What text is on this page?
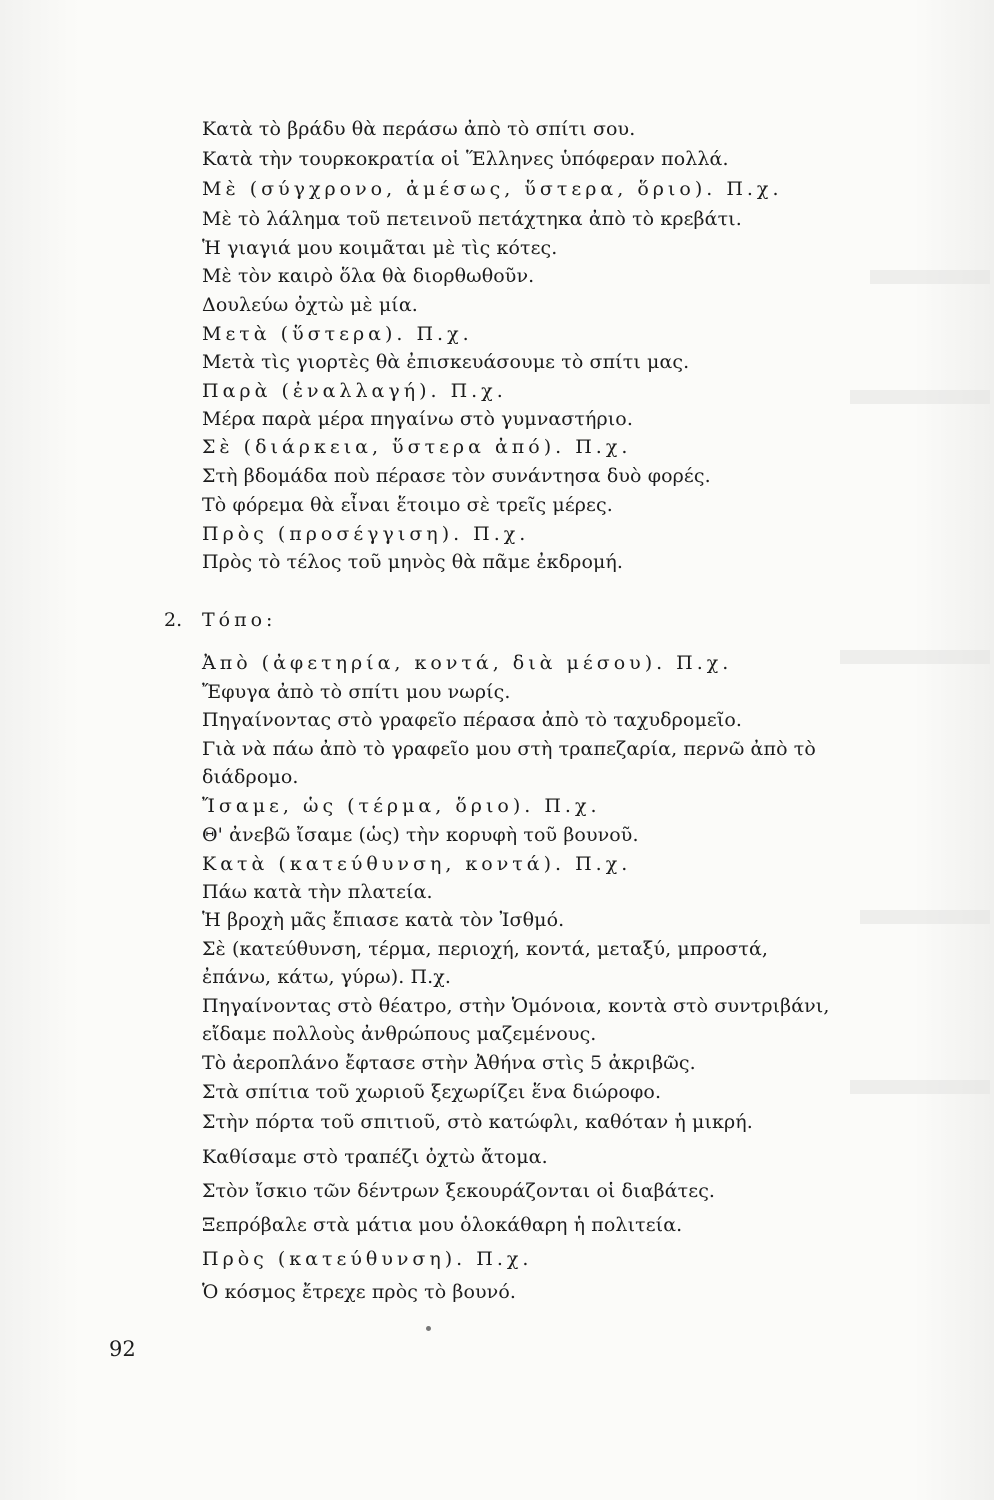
Κατὰ τὸ βράδυ θὰ περάσω ἀπὸ τὸ σπίτι σου.
Κατὰ τὴν τουρκοκρατία οἱ Ἕλληνες ὑπόφεραν πολλά.
Μὲ (σύγχρονο, ἀμέσως, ὕστερα, ὅριο). Π.χ.
Μὲ τὸ λάλημα τοῦ πετεινοῦ πετάχτηκα ἀπὸ τὸ κρεβάτι.
Ἡ γιαγιά μου κοιμᾶται μὲ τὶς κότες.
Μὲ τὸν καιρὸ ὅλα θὰ διορθωθοῦν.
Δουλεύω ὀχτὼ μὲ μία.
Μετὰ (ὕστερα). Π.χ.
Μετὰ τὶς γιορτὲς θὰ ἐπισκευάσουμε τὸ σπίτι μας.
Παρὰ (ἐναλλαγή). Π.χ.
Μέρα παρὰ μέρα πηγαίνω στὸ γυμναστήριο.
Σὲ (διάρκεια, ὕστερα ἀπό). Π.χ.
Στὴ βδομάδα ποὺ πέρασε τὸν συνάντησα δυὸ φορές.
Τὸ φόρεμα θὰ εἶναι ἕτοιμο σὲ τρεῖς μέρες.
Πρὸς (προσέγγιση). Π.χ.
Πρὸς τὸ τέλος τοῦ μηνὸς θὰ πᾶμε ἐκδρομή.
2. Τόπο:
Ἀπὸ (ἀφετηρία, κοντά, διὰ μέσου). Π.χ.
Ἔφυγα ἀπὸ τὸ σπίτι μου νωρίς.
Πηγαίνοντας στὸ γραφεῖο πέρασα ἀπὸ τὸ ταχυδρομεῖο.
Γιὰ νὰ πάω ἀπὸ τὸ γραφεῖο μου στὴ τραπεζαρία, περνῶ ἀπὸ τὸ
διάδρομο.
Ἴσαμε, ὡς (τέρμα, ὅριο). Π.χ.
Θ' ἀνεβῶ ἴσαμε (ὡς) τὴν κορυφὴ τοῦ βουνοῦ.
Κατὰ (κατεύθυνση, κοντά). Π.χ.
Πάω κατὰ τὴν πλατεία.
Ἡ βροχὴ μᾶς ἔπιασε κατὰ τὸν Ἰσθμό.
Σὲ (κατεύθυνση, τέρμα, περιοχή, κοντά, μεταξύ, μπροστά,
ἐπάνω, κάτω, γύρω). Π.χ.
Πηγαίνοντας στὸ θέατρο, στὴν Ὁμόνοια, κοντὰ στὸ συντριβάνι,
εἴδαμε πολλοὺς ἀνθρώπους μαζεμένους.
Τὸ ἀεροπλάνο ἔφτασε στὴν Ἀθήνα στὶς 5 ἀκριβῶς.
Στὰ σπίτια τοῦ χωριοῦ ξεχωρίζει ἕνα διώροφο.
Στὴν πόρτα τοῦ σπιτιοῦ, στὸ κατώφλι, καθόταν ἡ μικρή.
Καθίσαμε στὸ τραπέζι ὀχτὼ ἄτομα.
Στὸν ἴσκιο τῶν δέντρων ξεκουράζονται οἱ διαβάτες.
Ξεπρόβαλε στὰ μάτια μου ὁλοκάθαρη ἡ πολιτεία.
Πρὸς (κατεύθυνση). Π.χ.
Ὁ κόσμος ἔτρεχε πρὸς τὸ βουνό.
92
